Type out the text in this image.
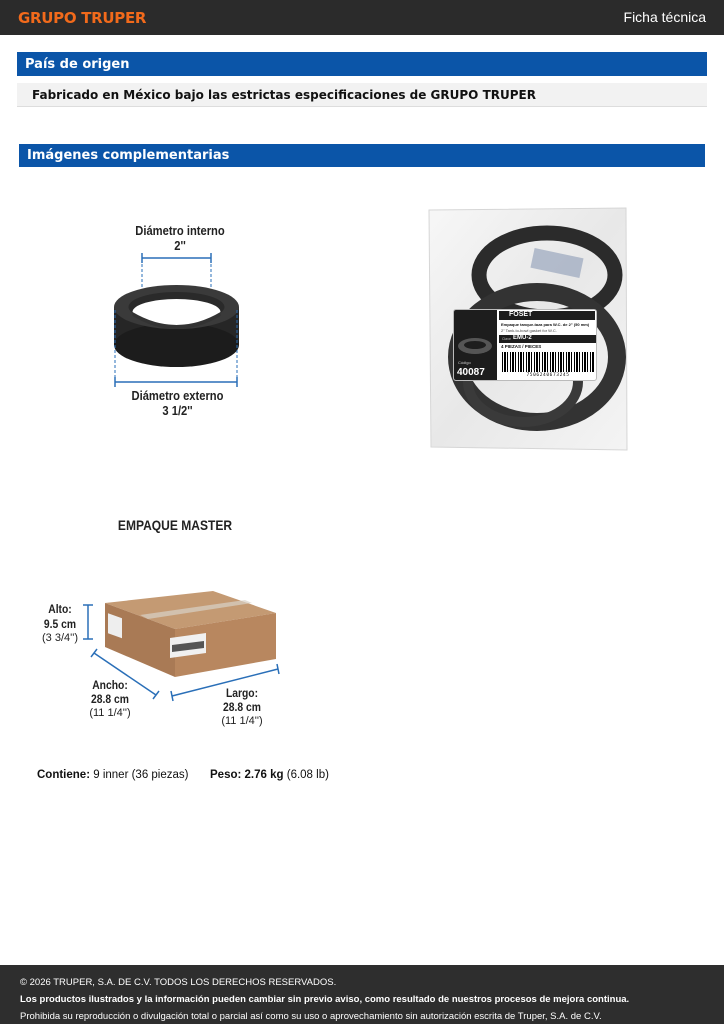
GRUPO TRUPER	Ficha técnica
País de origen
Fabricado en México bajo las estrictas especificaciones de GRUPO TRUPER
Imágenes complementarias
Diámetro interno
2''
Diámetro externo
3 1/2''
Código
40087
FOSET
Empaque tanque-taza para W.C. de 2" (50 mm)
2" Tank-to-bowl gasket for W.C.
Clave EMU-2
4 PIEZAS / PIECES
7506240673245
EMPAQUE MASTER
Alto:
9.5 cm
(3 3/4'')
Ancho:
28.8 cm
(11 1/4'')
Largo:
28.8 cm
(11 1/4'')
Contiene: 9 inner (36 piezas) Peso: 2.76 kg (6.08 lb)
© 2026 TRUPER, S.A. DE C.V. TODOS LOS DERECHOS RESERVADOS.
Los productos ilustrados y la información pueden cambiar sin previo aviso, como resultado de nuestros procesos de mejora continua.
Prohibida su reproducción o divulgación total o parcial así como su uso o aprovechamiento sin autorización escrita de Truper, S.A. de C.V.
